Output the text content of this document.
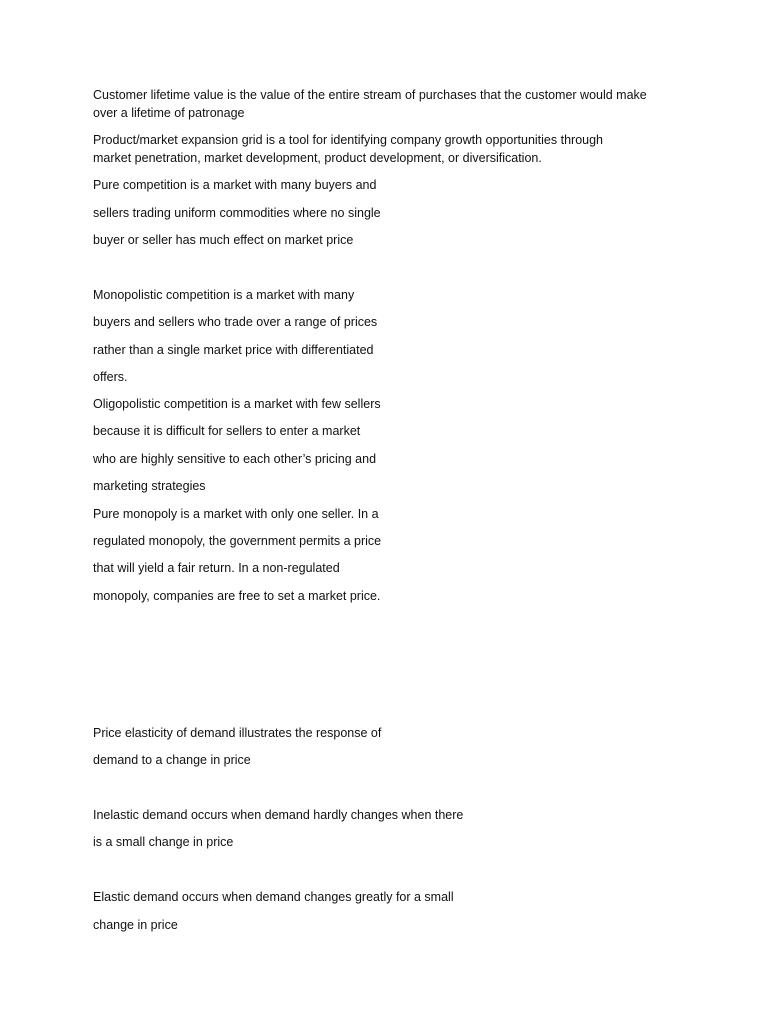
Customer lifetime value is the value of the entire stream of purchases that the customer would make
over a lifetime of patronage
Product/market expansion grid is a tool for identifying company growth opportunities through
market penetration, market development, product development, or diversification.
Pure competition is a market with many buyers and
sellers trading uniform commodities where no single
buyer or seller has much effect on market price
Monopolistic competition is a market with many
buyers and sellers who trade over a range of prices
rather than a single market price with differentiated
offers.
Oligopolistic competition is a market with few sellers
because it is difficult for sellers to enter a market
who are highly sensitive to each other’s pricing and
marketing strategies
Pure monopoly is a market with only one seller. In a
regulated monopoly, the government permits a price
that will yield a fair return. In a non-regulated
monopoly, companies are free to set a market price.
Price elasticity of demand illustrates the response of
demand to a change in price
Inelastic demand occurs when demand hardly changes when there
is a small change in price
Elastic demand occurs when demand changes greatly for a small
change in price
